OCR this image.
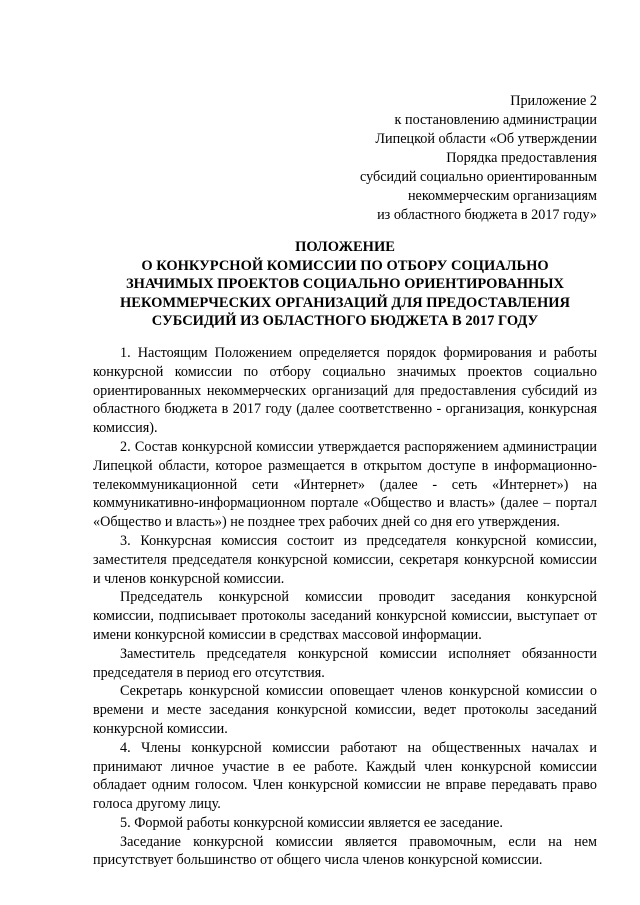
Приложение 2
к постановлению администрации
Липецкой области «Об утверждении
Порядка предоставления
субсидий социально ориентированным
некоммерческим организациям
из областного бюджета в 2017 году»
ПОЛОЖЕНИЕ
О КОНКУРСНОЙ КОМИССИИ ПО ОТБОРУ СОЦИАЛЬНО
ЗНАЧИМЫХ ПРОЕКТОВ СОЦИАЛЬНО ОРИЕНТИРОВАННЫХ
НЕКОММЕРЧЕСКИХ ОРГАНИЗАЦИЙ ДЛЯ ПРЕДОСТАВЛЕНИЯ
СУБСИДИЙ ИЗ ОБЛАСТНОГО БЮДЖЕТА В 2017 ГОДУ

1. Настоящим Положением определяется порядок формирования и работы конкурсной комиссии по отбору социально значимых проектов социально ориентированных некоммерческих организаций для предоставления субсидий из областного бюджета в 2017 году (далее соответственно - организация, конкурсная комиссия).

2. Состав конкурсной комиссии утверждается распоряжением администрации Липецкой области, которое размещается в открытом доступе в информационно-телекоммуникационной сети «Интернет» (далее - сеть «Интернет») на коммуникативно-информационном портале «Общество и власть» (далее – портал «Общество и власть») не позднее трех рабочих дней со дня его утверждения.

3. Конкурсная комиссия состоит из председателя конкурсной комиссии, заместителя председателя конкурсной комиссии, секретаря конкурсной комиссии и членов конкурсной комиссии.

Председатель конкурсной комиссии проводит заседания конкурсной комиссии, подписывает протоколы заседаний конкурсной комиссии, выступает от имени конкурсной комиссии в средствах массовой информации.

Заместитель председателя конкурсной комиссии исполняет обязанности председателя в период его отсутствия.

Секретарь конкурсной комиссии оповещает членов конкурсной комиссии о времени и месте заседания конкурсной комиссии, ведет протоколы заседаний конкурсной комиссии.

4. Члены конкурсной комиссии работают на общественных началах и принимают личное участие в ее работе. Каждый член конкурсной комиссии обладает одним голосом. Член конкурсной комиссии не вправе передавать право голоса другому лицу.

5. Формой работы конкурсной комиссии является ее заседание.

Заседание конкурсной комиссии является правомочным, если на нем присутствует большинство от общего числа членов конкурсной комиссии.
